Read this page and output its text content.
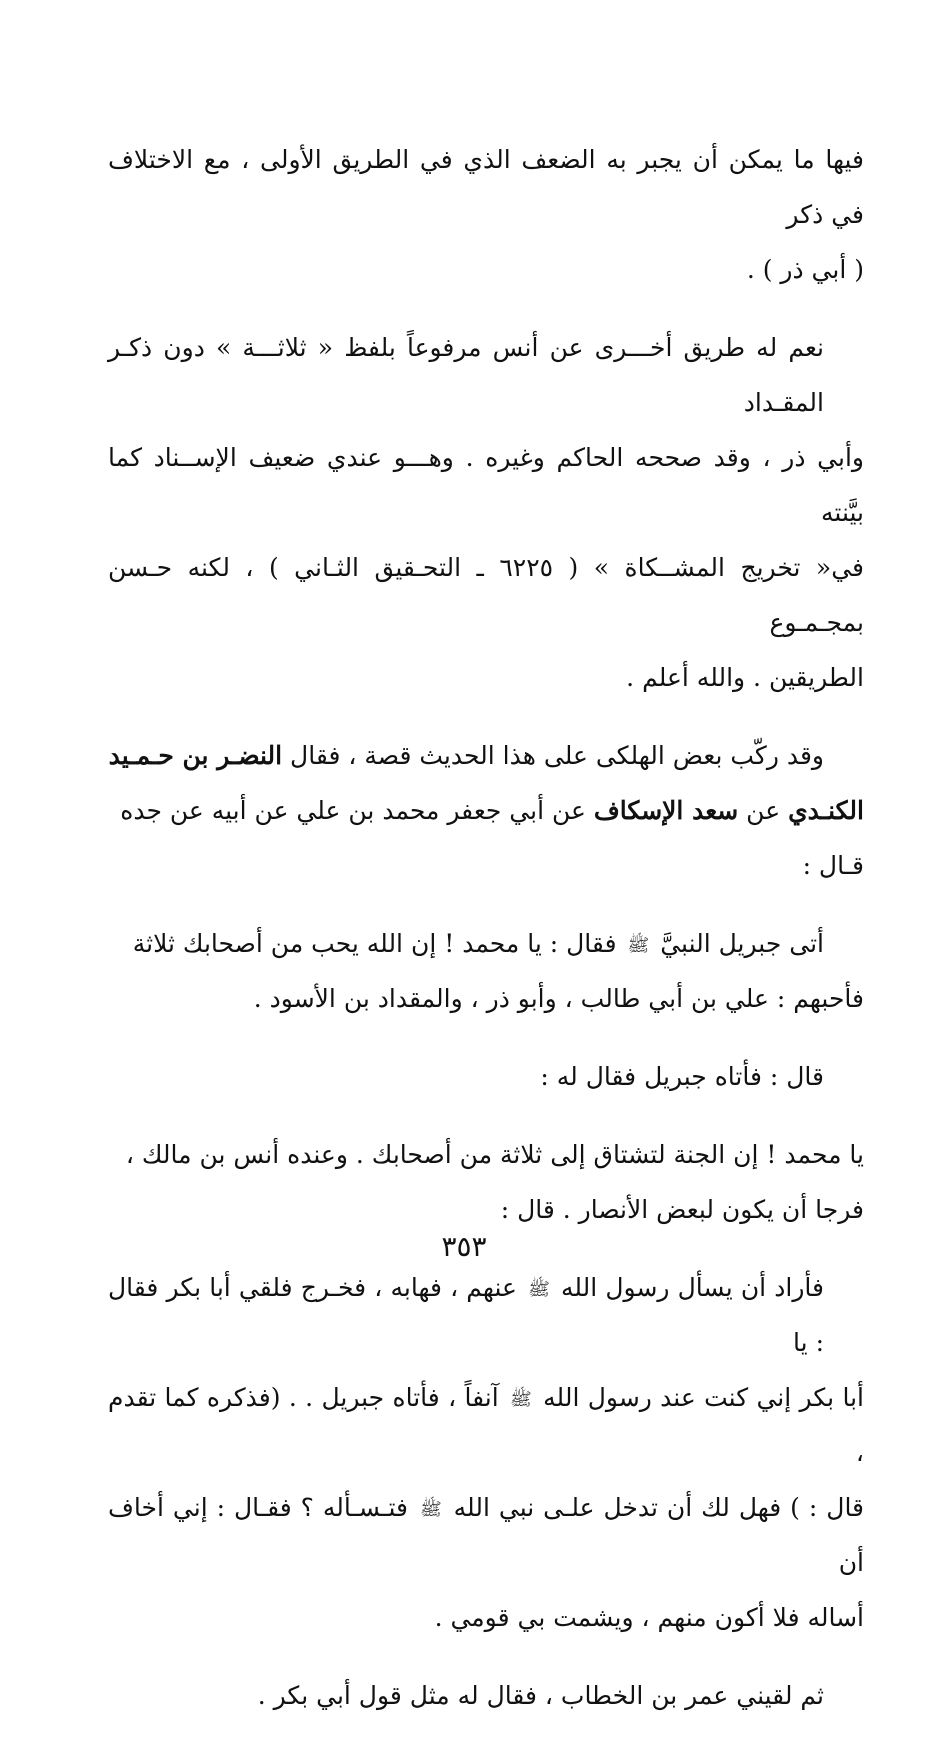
فيها ما يمكن أن يجبر به الضعف الذي في الطريق الأولى ، مع الاختلاف في ذكر
( أبي ذر ) .

نعم له طريق أخـــرى عن أنس مرفوعاً بلفظ « ثلاثـــة » دون ذكـر المقـداد
وأبي ذر ، وقد صححه الحاكم وغيره . وهـــو عندي ضعيف الإســناد كما بيَّنته
في« تخريج المشــكاة » ( ٦٢٢٥ ـ التحـقيق الثـاني ) ، لكنه حـسن بمجـمـوع
الطريقين . والله أعلم .

وقد ركّب بعض الهلكى على هذا الحديث قصة ، فقال النضـر بن حـمـيد
الكنـدي عن سعد الإسكاف عن أبي جعفر محمد بن علي عن أبيه عن جده
قـال :

أتى جبريل النبيَّ ﷺ فقال : يا محمد ! إن الله يحب من أصحابك ثلاثة
فأحبهم : علي بن أبي طالب ، وأبو ذر ، والمقداد بن الأسود .

قال : فأتاه جبريل فقال له :

يا محمد ! إن الجنة لتشتاق إلى ثلاثة من أصحابك . وعنده أنس بن مالك ،
فرجا أن يكون لبعض الأنصار . قال :

فأراد أن يسأل رسول الله ﷺ عنهم ، فهابه ، فخـرج فلقي أبا بكر فقال : يا
أبا بكر إني كنت عند رسول الله ﷺ آنفاً ، فأتاه جبريل . . (فذكره كما تقدم ،
قال : ) فهل لك أن تدخل علـى نبي الله ﷺ فتـسـأله ؟ فقـال : إني أخاف أن
أساله فلا أكون منهم ، ويشمت بي قومي .

ثم لقيني عمر بن الخطاب ، فقال له مثل قول أبي بكر .

٣٥٣
